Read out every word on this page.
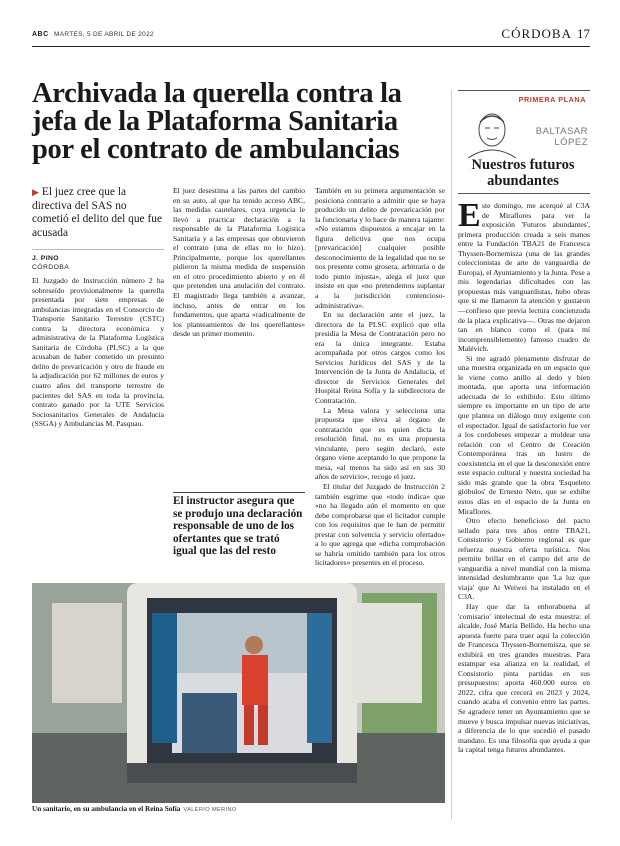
ABC MARTES, 5 DE ABRIL DE 2022	CÓRDOBA 17
Archivada la querella contra la jefa de la Plataforma Sanitaria por el contrato de ambulancias
▶ El juez cree que la directiva del SAS no cometió el delito del que fue acusada
J. PINO
CÓRDOBA

El Juzgado de Instrucción número 2 ha sobreseído provisionalmente la querella presentada por siete empresas de ambulancias integradas en el Consorcio de Transporte Sanitario Terrestre (CSTC) contra la directora económica y administrativa de la Plataforma Logística Sanitaria de Córdoba (PLSC) a la que acusaban de haber cometido un presunto delito de prevaricación y otro de fraude en la adjudicación por 62 millones de euros y cuatro años del transporte terrestre de pacientes del SAS en toda la provincia, contrato ganado por la UTE Servicios Sociosanitarios Generales de Andalucía (SSGA) y Ambulancias M. Pasquau.

El juez desestima a las partes del cambio en su auto, al que ha tenido acceso ABC, las medidas cautelares, cuya urgencia le llevó a practicar declaración a la responsable de la Plataforma Logística Sanitaria y a las empresas que obtuvieron el contrato (una de ellas no lo hizo). Principalmente, porque los querellantes pidieron la misma medida de suspensión en el otro procedimiento abierto y en él que pretenden una anulación del contrato. El magistrado llega también a avanzar, incluso, antes de entrar en los fundamentos, que aparta «radicalmente de los planteamientos de los querellantes» desde un primer momento.

El instructor asegura que se produjo una declaración responsable de uno de los ofertantes que se trató igual que las del resto

También en su primera argumentación se posiciona contrario a admitir que se haya producido un delito de prevaricación por la funcionaria y lo hace de manera tajante: «No estamos dispuestos a encajar en la figura delictiva que nos ocupa [prevaricación] cualquier posible desconocimiento de la legalidad que no se nos presente como grosera, arbitraria o de todo punto injusta», alega el juez que insiste en que «no pretendemos suplantar a la jurisdicción contencioso-administrativa».

En su declaración ante el juez, la directora de la PLSC explicó que ella presidía la Mesa de Contratación pero no era la única integrante. Estaba acompañada por otros cargos como los Servicios Jurídicos del SAS y de la Intervención de la Junta de Andalucía, el director de Servicios Generales del Hospital Reina Sofía y la subdirectora de Contratación.

La Mesa valora y selecciona una propuesta que eleva al órgano de contratación que es quien dicta la resolución final, no es una propuesta vinculante, pero según declaró, este órgano viene aceptando lo que propone la mesa, «al menos ha sido así en sus 30 años de servicio», recoge el juez.

El titular del Juzgado de Instrucción 2 también esgrime que «todo indica» que «no ha llegado aún el momento en que debe comprobarse que el licitador cumple con los requisitos que le han de permitir prestar con solvencia y servicio ofertado» a lo que agrega que «dicha comprobación se habría omitido también para los otros licitadores» presentes en el proceso.

Un sanitario, en su ambulancia en el Reina Sofía VALERIO MERINO
PRIMERA PLANA
BALTASAR
LÓPEZ
Nuestros futuros abundantes

ste domingo, me acerqué al C3A de Miraflores para ver la exposición 'Futuros abundantes', primera producción creada a seis manos entre la Fundación TBA21 de Francesca Thyssen-Bornemisza (una de las grandes coleccionistas de arte de vanguardia de Europa), el Ayuntamiento y la Junta. Pese a mis legendarias dificultades con las propuestas más vanguardistas, hubo obras que sí me llamaron la atención y gustaron —confieso que previa lectura concienzuda de la placa explicativa—. Otras me dejaron tan en blanco como el (para mí incomprensiblemente) famoso cuadro de Malévich.

Si me agradó plenamente disfrutar de una muestra organizada en un espacio que le viene como anillo al dedo y bien montada, que aporta una información adecuada de lo exhibido. Esto último siempre es importante en un tipo de arte que plantea un diálogo muy exigente con el espectador. Igual de satisfactorio fue ver a los cordobeses empezar a moldear una relación con el Centro de Creación Contemporánea tras un lustro de coexistencia en el que la desconexión entre este espacio cultural y nuestra sociedad ha sido más grande que la obra 'Esqueleto glóbulos' de Ernesto Neto, que se exhibe estos días en el espacio de la Junta en Miraflores.

Otro efecto beneficioso del pacto sellado para tres años entre TBA21, Consistorio y Gobierno regional es que refuerza nuestra oferta turística. Nos permite brillar en el campo del arte de vanguardia a nivel mundial con la misma intensidad deslumbrante que 'La luz que viaja' que Ai Weiwei ha instalado en el C3A.

Hay que dar la enhorabuena al 'comisario' intelectual de esta muestra: el alcalde, José María Bellido. Ha hecho una apuesta fuerte para traer aquí la colección de Francesca Thyssen-Bornemisza, que se exhibirá en tres grandes muestras. Para estampar esa alianza en la realidad, el Consistorio pinta partidas en sus presupuestos: aporta 460.000 euros en 2022, cifra que crecerá en 2023 y 2024, cuando acaba el convenio entre las partes. Se agradece tener un Ayuntamiento que se mueve y busca impulsar nuevas iniciativas, a diferencia de lo que sucedió el pasado mandato. Es una filosofía que ayuda a que la capital tenga futuros abundantes.

E
